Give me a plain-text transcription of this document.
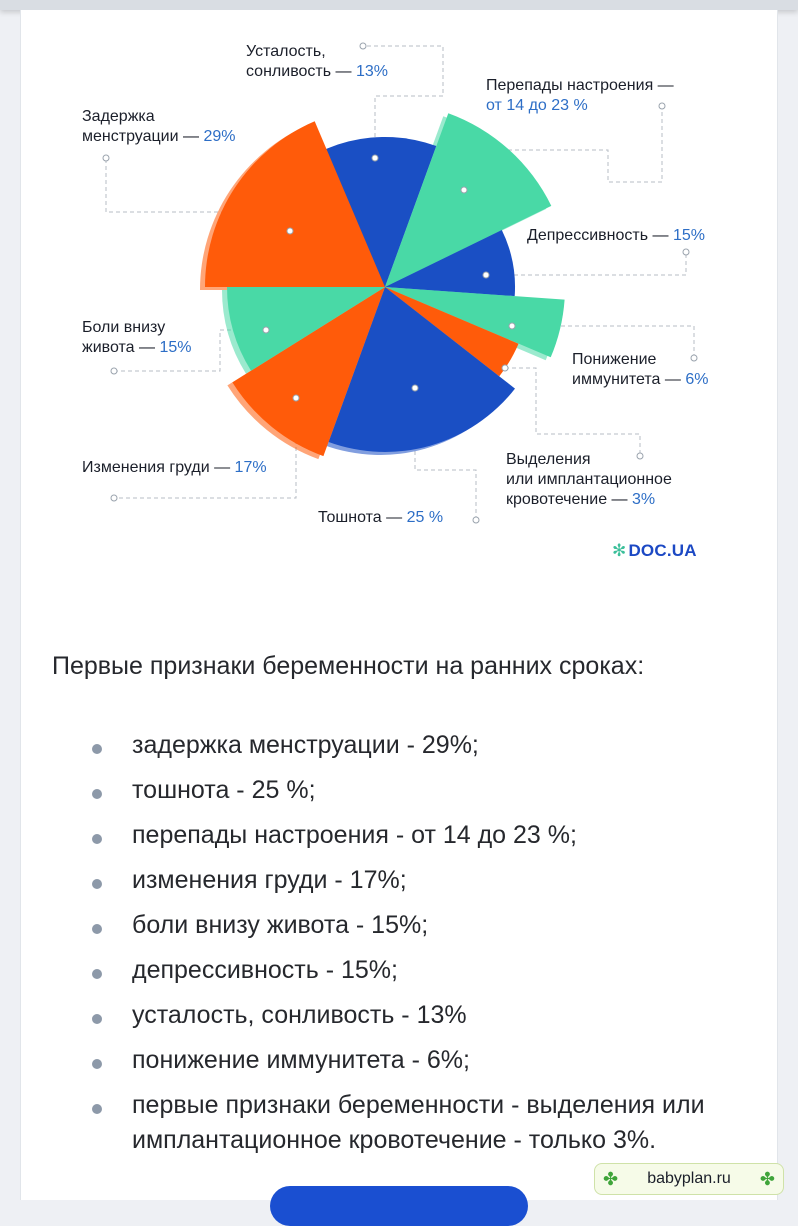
Усталость,
сонливость — 13%
Перепады настроения —
от 14 до 23 %
Задержка
менструации — 29%
Депрессивность — 15%
Боли внизу
живота — 15%
Понижение
иммунитета — 6%
Выделения
или имплантационное
кровотечение — 3%
Изменения груди — 17%
Тошнота — 25 %
✻ DOC.UA
Первые признаки беременности на ранних сроках:
задержка менструации - 29%;
тошнота - 25 %;
перепады настроения - от 14 до 23 %;
изменения груди - 17%;
боли внизу живота - 15%;
депрессивность - 15%;
усталость, сонливость - 13%
понижение иммунитета - 6%;
первые признаки беременности - выделения или имплантационное кровотечение - только 3%.
✤ babyplan.ru ✤
